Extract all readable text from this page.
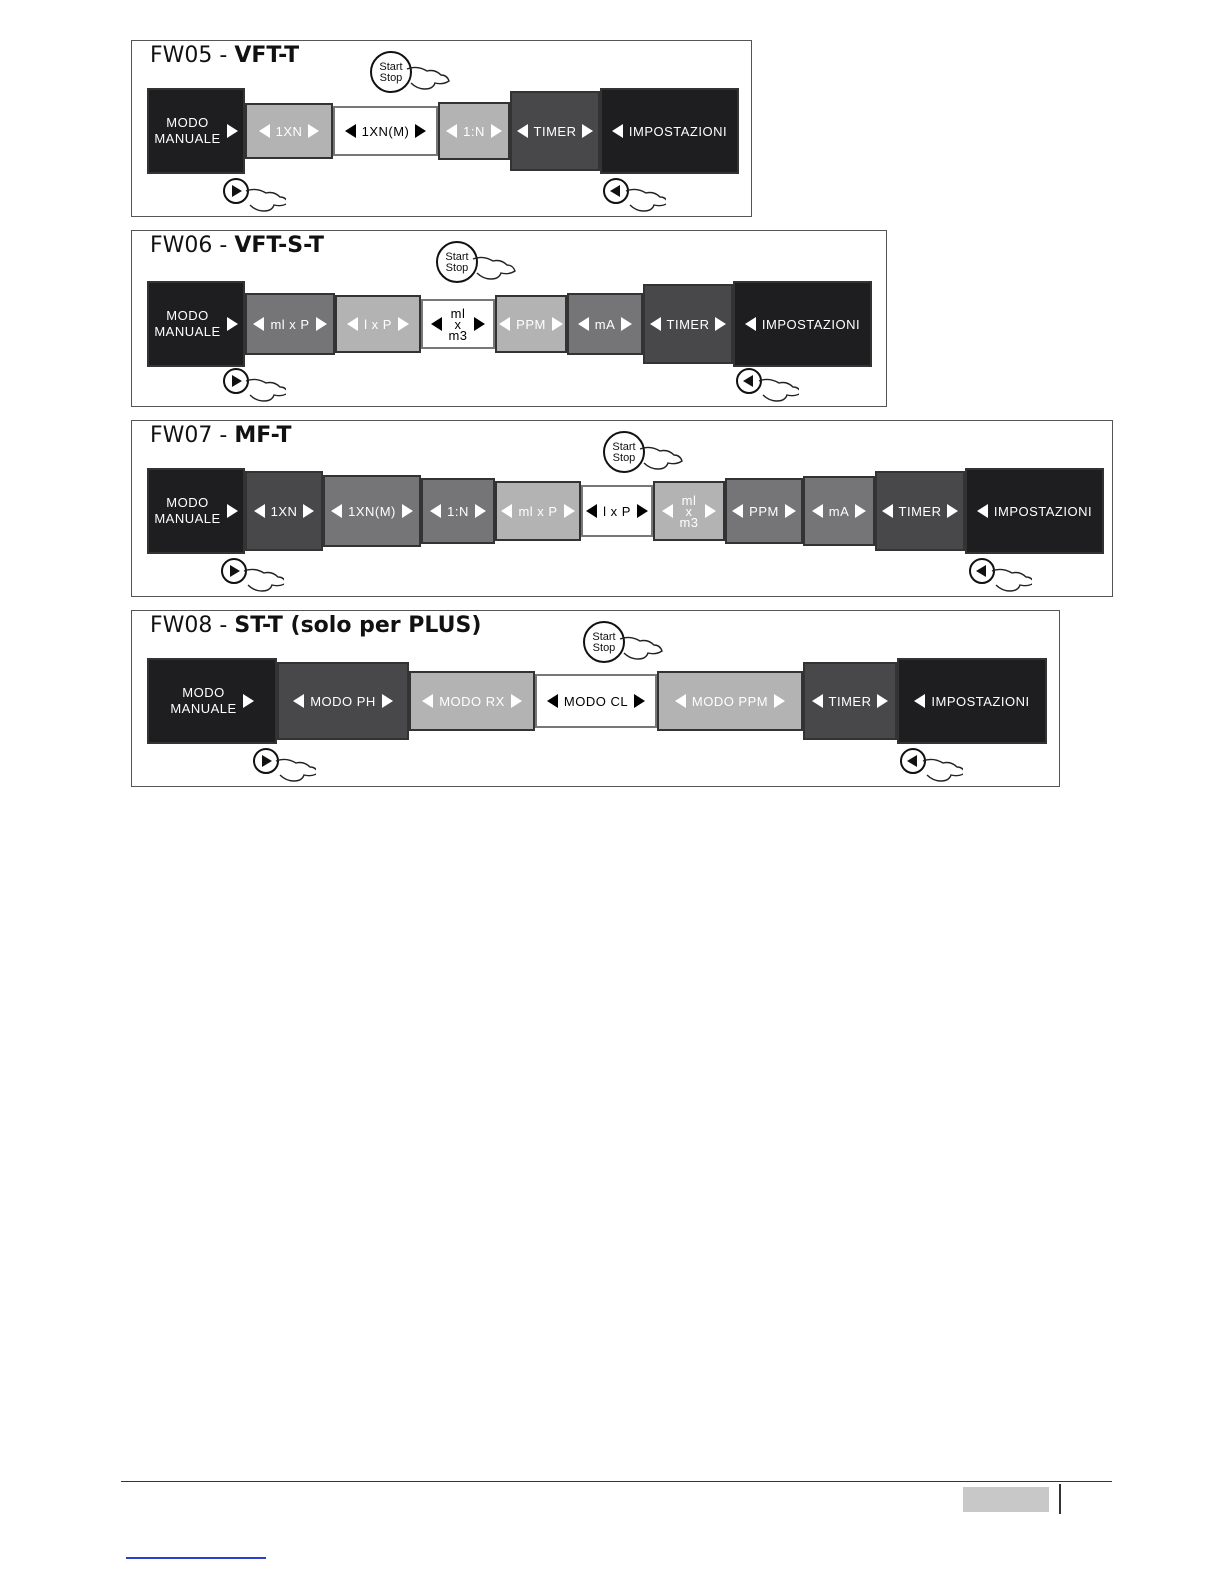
FW05 - VFT-T	Start
Stop
MODO
MANUALE	1XN	1XN(M)	1:N	TIMER	IMPOSTAZIONI
FW06 - VFT-S-T	Start
Stop
MODO
MANUALE	ml x P	l x P
ml
x
m3
PPM	mA	TIMER	IMPOSTAZIONI
FW07 - MF-T	Start
Stop
MODO
MANUALE	1XN	1XN(M)	1:N	ml x P	l x P
ml
x
m3
PPM	mA	TIMER	IMPOSTAZIONI
FW08 - ST-T (solo per PLUS)	Start
Stop
MODO
MANUALE	MODO PH	MODO RX	MODO CL	MODO PPM	TIMER	IMPOSTAZIONI
